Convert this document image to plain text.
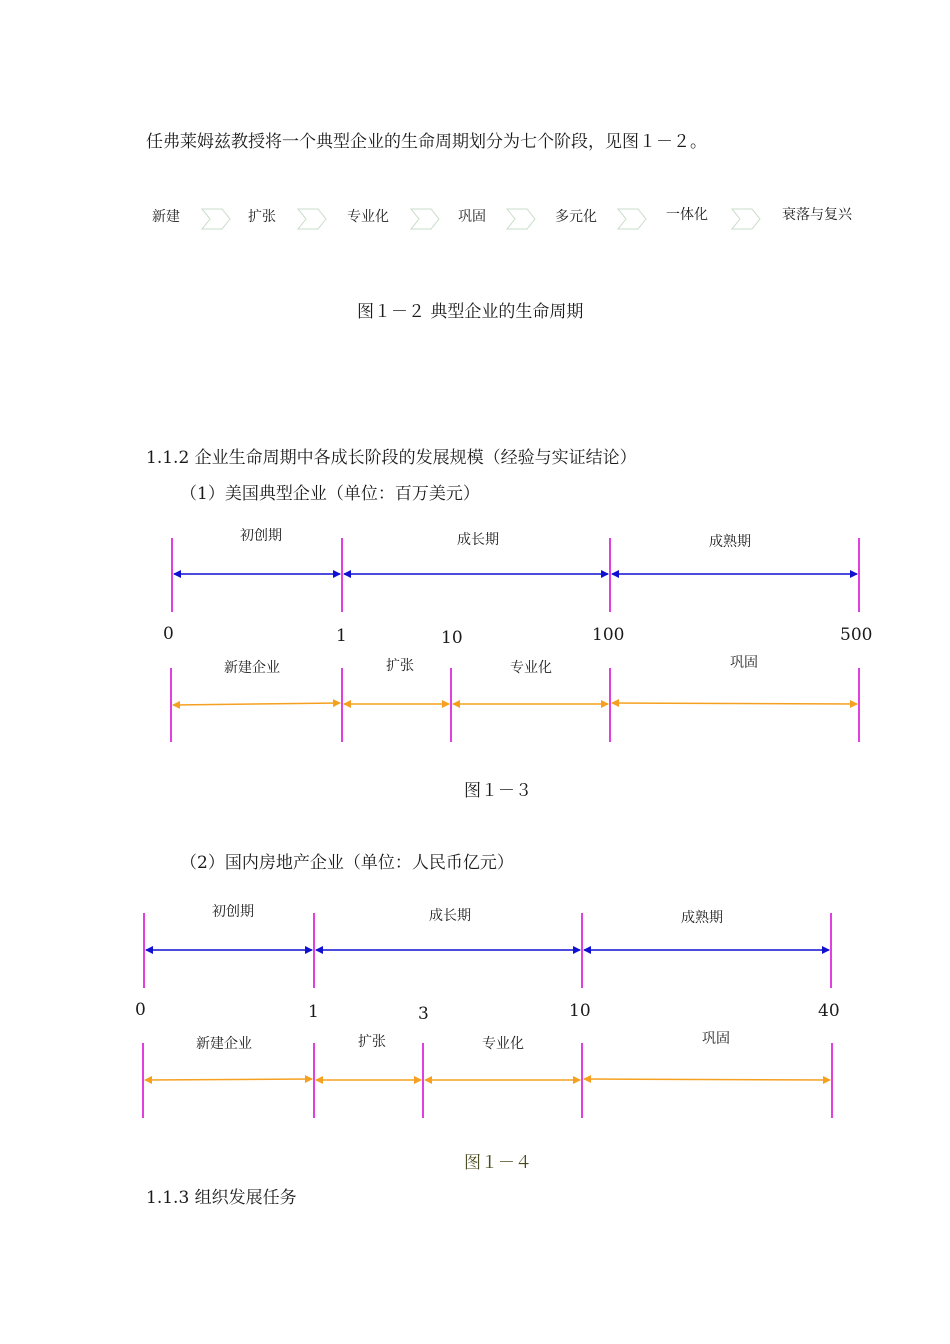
任弗莱姆兹教授将一个典型企业的生命周期划分为七个阶段，见图１－２。
新建	扩张	专业化	巩固	多元化	一体化	衰落与复兴
图１－２ 典型企业的生命周期
1.1.2 企业生命周期中各成长阶段的发展规模（经验与实证结论）
（1）美国典型企业（单位：百万美元）
初创期	成长期	成熟期
0	1	10	100	500
新建企业	扩张	专业化	巩固
图１－３
（2）国内房地产企业（单位：人民币亿元）
初创期	成长期	成熟期
0	1	3	10	40
新建企业	扩张	专业化	巩固
图１－４
1.1.3 组织发展任务
